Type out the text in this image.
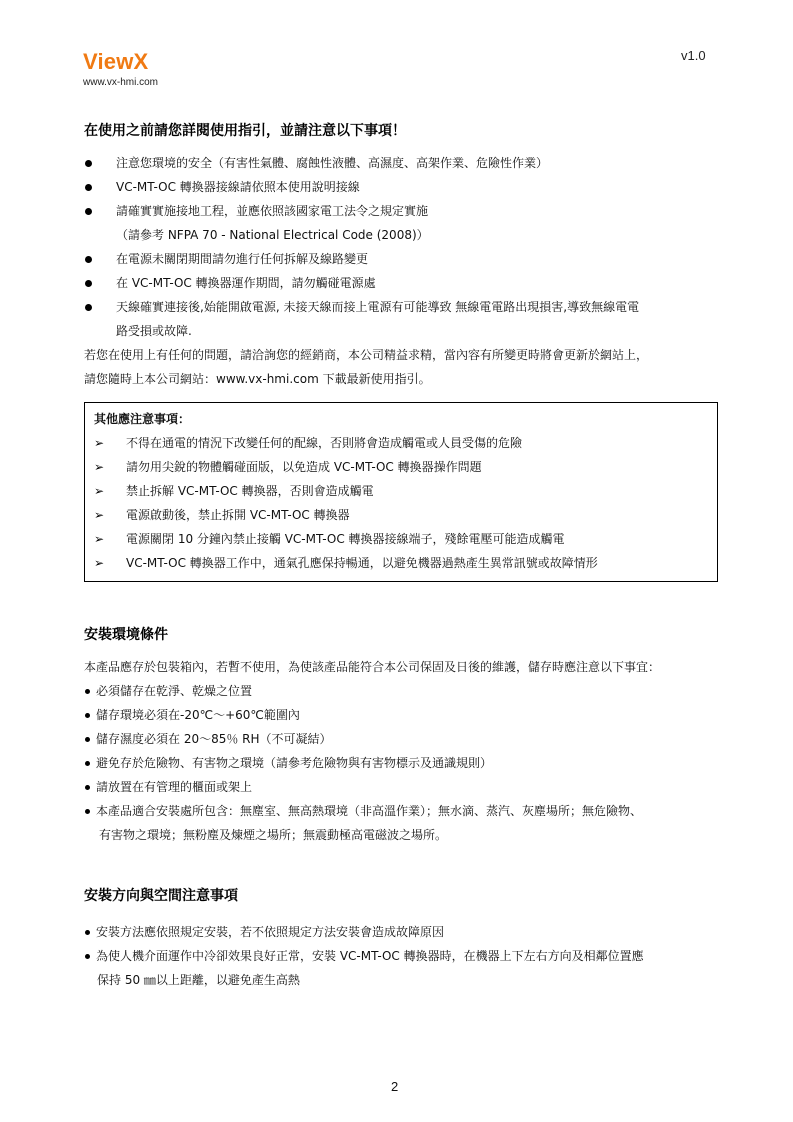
ViewX
www.vx-hmi.com
v1.0
在使用之前請您詳閱使用指引，並請注意以下事項！
注意您環境的安全（有害性氣體、腐蝕性液體、高濕度、高架作業、危險性作業）
VC-MT-OC 轉換器接線請依照本使用說明接線
請確實實施接地工程，並應依照該國家電工法令之規定實施
（請參考 NFPA 70 - National Electrical Code (2008)）
在電源未關閉期間請勿進行任何拆解及線路變更
在 VC-MT-OC 轉換器運作期間，請勿觸碰電源處
天線確實連接後,始能開啟電源, 未接天線而接上電源有可能導致 無線電電路出現損害,導致無線電電
路受損或故障.
若您在使用上有任何的問題，請洽詢您的經銷商，本公司精益求精，當內容有所變更時將會更新於網站上，
請您隨時上本公司網站：www.vx-hmi.com 下載最新使用指引。
其他應注意事項：
➢ 不得在通電的情況下改變任何的配線，否則將會造成觸電或人員受傷的危險
➢ 請勿用尖銳的物體觸碰面版，以免造成 VC-MT-OC 轉換器操作問題
➢ 禁止拆解 VC-MT-OC 轉換器，否則會造成觸電
➢ 電源啟動後，禁止拆開 VC-MT-OC 轉換器
➢ 電源關閉 10 分鐘內禁止接觸 VC-MT-OC 轉換器接線端子，殘餘電壓可能造成觸電
➢ VC-MT-OC 轉換器工作中，通氣孔應保持暢通，以避免機器過熱產生異常訊號或故障情形
安裝環境條件
本產品應存於包裝箱內，若暫不使用，為使該產品能符合本公司保固及日後的維護，儲存時應注意以下事宜：
必須儲存在乾淨、乾燥之位置
儲存環境必須在-20℃～+60℃範圍內
儲存濕度必須在 20～85％ RH（不可凝結）
避免存於危險物、有害物之環境（請參考危險物與有害物標示及通識規則）
請放置在有管理的櫃面或架上
本產品適合安裝處所包含：無塵室、無高熱環境（非高溫作業）；無水滴、蒸汽、灰塵場所；無危險物、
有害物之環境；無粉塵及煉煙之場所；無震動極高電磁波之場所。
安裝方向與空間注意事項
安裝方法應依照規定安裝，若不依照規定方法安裝會造成故障原因
為使人機介面運作中冷卻效果良好正常，安裝 VC-MT-OC 轉換器時，在機器上下左右方向及相鄰位置應
保持 50 ㎜以上距離，以避免產生高熱
2
